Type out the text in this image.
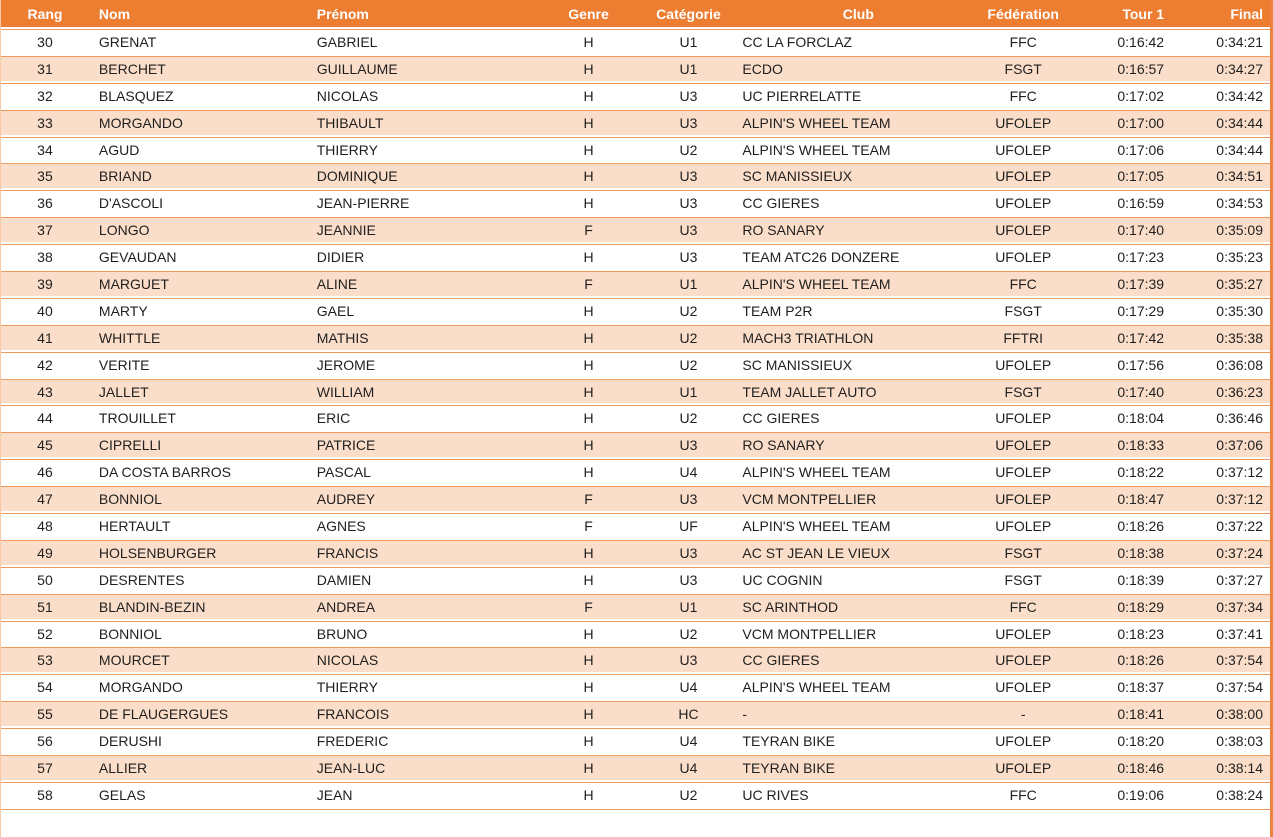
Rang	Nom	Prénom	Genre	Catégorie	Club	Fédération	Tour 1	Final
30	GRENAT	GABRIEL	H	U1	CC LA FORCLAZ	FFC	0:16:42	0:34:21
31	BERCHET	GUILLAUME	H	U1	ECDO	FSGT	0:16:57	0:34:27
32	BLASQUEZ	NICOLAS	H	U3	UC PIERRELATTE	FFC	0:17:02	0:34:42
33	MORGANDO	THIBAULT	H	U3	ALPIN'S WHEEL TEAM	UFOLEP	0:17:00	0:34:44
34	AGUD	THIERRY	H	U2	ALPIN'S WHEEL TEAM	UFOLEP	0:17:06	0:34:44
35	BRIAND	DOMINIQUE	H	U3	SC MANISSIEUX	UFOLEP	0:17:05	0:34:51
36	D'ASCOLI	JEAN-PIERRE	H	U3	CC GIERES	UFOLEP	0:16:59	0:34:53
37	LONGO	JEANNIE	F	U3	RO SANARY	UFOLEP	0:17:40	0:35:09
38	GEVAUDAN	DIDIER	H	U3	TEAM ATC26 DONZERE	UFOLEP	0:17:23	0:35:23
39	MARGUET	ALINE	F	U1	ALPIN'S WHEEL TEAM	FFC	0:17:39	0:35:27
40	MARTY	GAEL	H	U2	TEAM P2R	FSGT	0:17:29	0:35:30
41	WHITTLE	MATHIS	H	U2	MACH3 TRIATHLON	FFTRI	0:17:42	0:35:38
42	VERITE	JEROME	H	U2	SC MANISSIEUX	UFOLEP	0:17:56	0:36:08
43	JALLET	WILLIAM	H	U1	TEAM JALLET AUTO	FSGT	0:17:40	0:36:23
44	TROUILLET	ERIC	H	U2	CC GIERES	UFOLEP	0:18:04	0:36:46
45	CIPRELLI	PATRICE	H	U3	RO SANARY	UFOLEP	0:18:33	0:37:06
46	DA COSTA BARROS	PASCAL	H	U4	ALPIN'S WHEEL TEAM	UFOLEP	0:18:22	0:37:12
47	BONNIOL	AUDREY	F	U3	VCM MONTPELLIER	UFOLEP	0:18:47	0:37:12
48	HERTAULT	AGNES	F	UF	ALPIN'S WHEEL TEAM	UFOLEP	0:18:26	0:37:22
49	HOLSENBURGER	FRANCIS	H	U3	AC ST JEAN LE VIEUX	FSGT	0:18:38	0:37:24
50	DESRENTES	DAMIEN	H	U3	UC COGNIN	FSGT	0:18:39	0:37:27
51	BLANDIN-BEZIN	ANDREA	F	U1	SC ARINTHOD	FFC	0:18:29	0:37:34
52	BONNIOL	BRUNO	H	U2	VCM MONTPELLIER	UFOLEP	0:18:23	0:37:41
53	MOURCET	NICOLAS	H	U3	CC GIERES	UFOLEP	0:18:26	0:37:54
54	MORGANDO	THIERRY	H	U4	ALPIN'S WHEEL TEAM	UFOLEP	0:18:37	0:37:54
55	DE FLAUGERGUES	FRANCOIS	H	HC	-	-	0:18:41	0:38:00
56	DERUSHI	FREDERIC	H	U4	TEYRAN BIKE	UFOLEP	0:18:20	0:38:03
57	ALLIER	JEAN-LUC	H	U4	TEYRAN BIKE	UFOLEP	0:18:46	0:38:14
58	GELAS	JEAN	H	U2	UC RIVES	FFC	0:19:06	0:38:24
